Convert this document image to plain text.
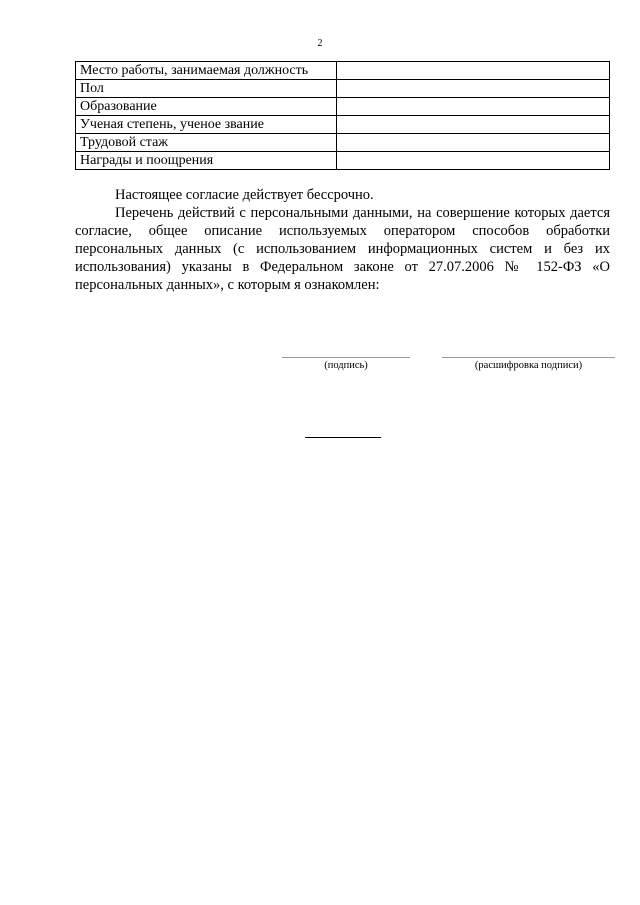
2
Место работы, занимаемая должность	
Пол	
Образование	
Ученая степень, ученое звание	
Трудовой стаж	
Награды и поощрения	

Настоящее согласие действует бессрочно.

Перечень действий с персональными данными, на совершение которых дается согласие, общее описание используемых оператором способов обработки персональных данных (с использованием информационных систем и без их использования) указаны в Федеральном законе от 27.07.2006 № 152-ФЗ «О персональных данных», с которым я ознакомлен:

(подпись)	(расшифровка подписи)
